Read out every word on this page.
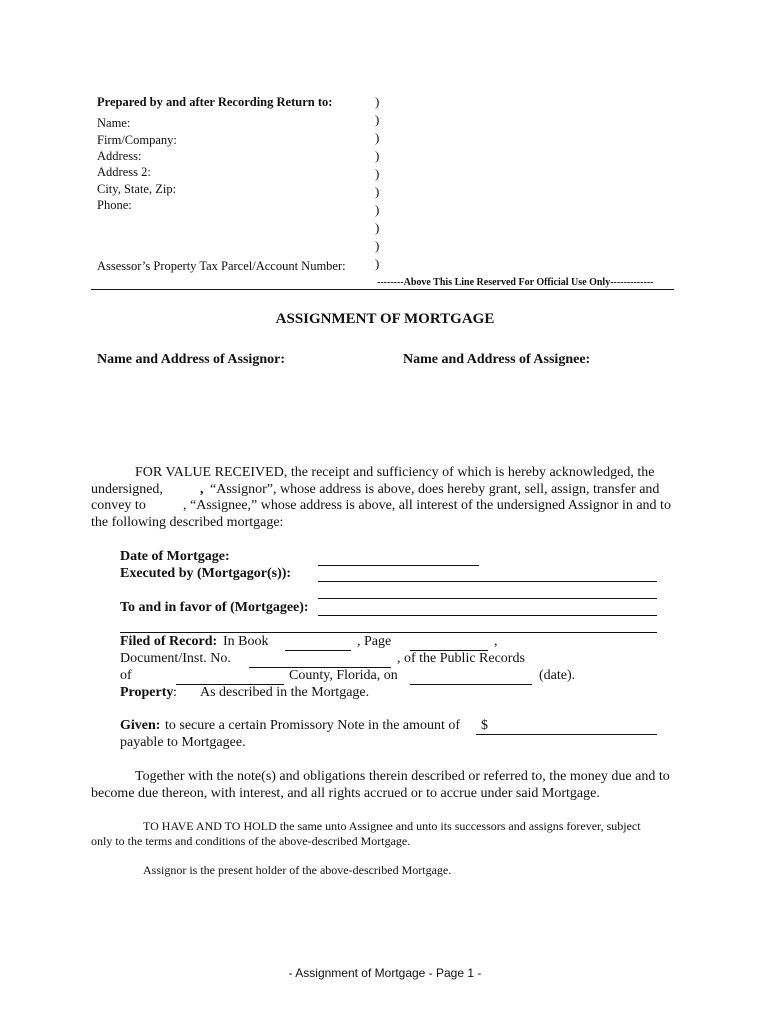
Prepared by and after Recording Return to:
Name:
Firm/Company:
Address:
Address 2:
City, State, Zip:
Phone:
Assessor’s Property Tax Parcel/Account Number:
)
)
)
)
)
)
)
)
)
)
--------Above This Line Reserved For Official Use Only-------------
ASSIGNMENT OF MORTGAGE
Name and Address of Assignor:	Name and Address of Assignee:
FOR VALUE RECEIVED, the receipt and sufficiency of which is hereby acknowledged, the
undersigned,	, “Assignor”, whose address is above, does hereby grant, sell, assign, transfer and
convey to	, “Assignee,” whose address is above, all interest of the undersigned Assignor in and to
the following described mortgage:
Date of Mortgage:
Executed by (Mortgagor(s)):
To and in favor of (Mortgagee):
Filed of Record: In Book	, Page	,
Document/Inst. No.	, of the Public Records
of	County, Florida, on	(date).
Property : As described in the Mortgage.
Given: to secure a certain Promissory Note in the amount of $
payable to Mortgagee.
Together with the note(s) and obligations therein described or referred to, the money due and to
become due thereon, with interest, and all rights accrued or to accrue under said Mortgage.
TO HAVE AND TO HOLD the same unto Assignee and unto its successors and assigns forever, subject
only to the terms and conditions of the above-described Mortgage.
Assignor is the present holder of the above-described Mortgage.
- Assignment of Mortgage - Page 1 -
